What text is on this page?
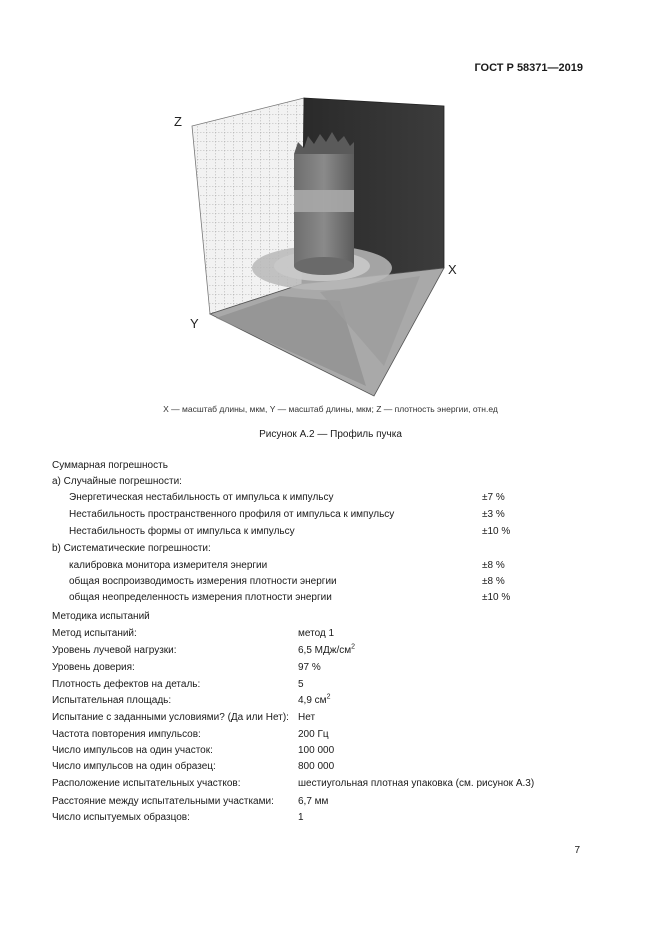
ГОСТ Р 58371—2019
Z
X
Y
X — масштаб длины, мкм, Y — масштаб длины, мкм; Z — плотность энергии, отн.ед
Рисунок А.2 — Профиль пучка
Суммарная погрешность
a) Случайные погрешности:
Энергетическая нестабильность от импульса к импульсу	±7 %
Нестабильность пространственного профиля от импульса к импульсу	±3 %
Нестабильность формы от импульса к импульсу	±10 %
b) Систематические погрешности:
калибровка монитора измерителя энергии	±8 %
общая воспроизводимость измерения плотности энергии	±8 %
общая неопределенность измерения плотности энергии	±10 %
Методика испытаний
Метод испытаний:	метод 1
Уровень лучевой нагрузки:	6,5 МДж/$см^2$
Уровень доверия:	97 %
Плотность дефектов на деталь:	5
Испытательная площадь:	4,9 $см^2$
Испытание с заданными условиями? (Да или Нет): Нет
Частота повторения импульсов:	200 Гц
Число импульсов на один участок:	100 000
Число импульсов на один образец:	800 000
Расположение испытательных участков:	шестиугольная плотная упаковка (см. рисунок А.3)
Расстояние между испытательными участками: 6,7 мм
Число испытуемых образцов:	1
7
